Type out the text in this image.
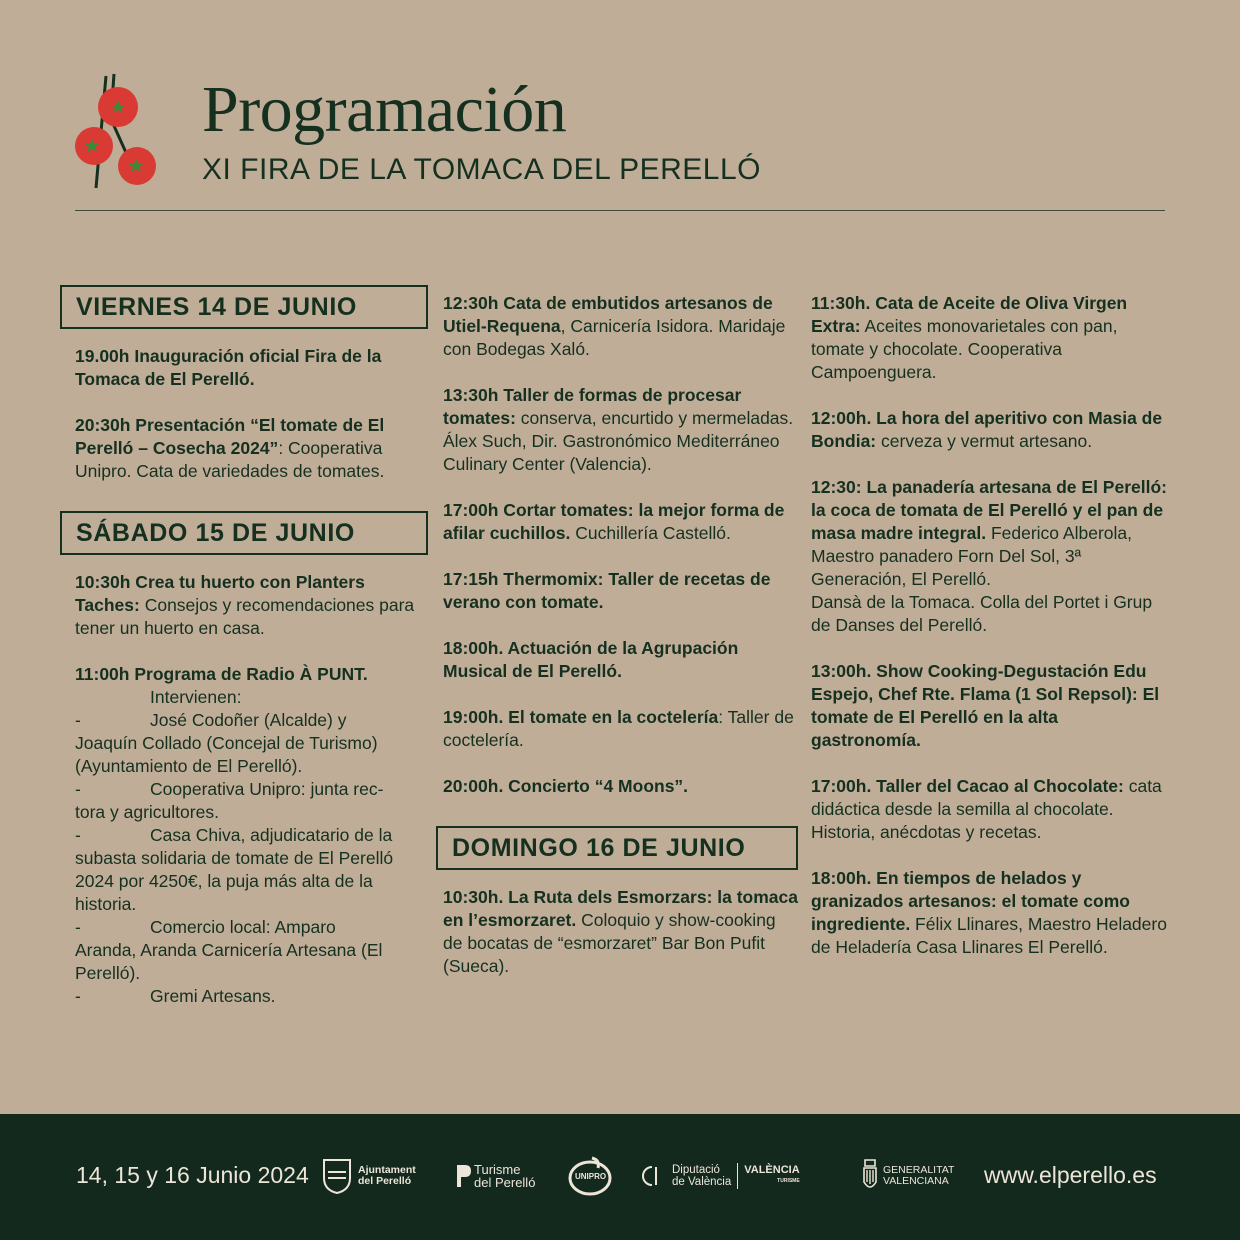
Programación
XI FIRA DE LA TOMACA DEL PERELLÓ
VIERNES 14 DE JUNIO
19.00h Inauguración oficial Fira de la Tomaca de El Perelló.
20:30h Presentación “El tomate de El Perelló – Cosecha 2024”: Cooperativa Unipro. Cata de variedades de tomates.
SÁBADO 15 DE JUNIO
10:30h Crea tu huerto con Planters Taches: Consejos y recomendaciones para tener un huerto en casa.
11:00h Programa de Radio À PUNT.
Intervienen:
-	José Codoñer (Alcalde) y
Joaquín Collado (Concejal de Turismo) (Ayuntamiento de El Perelló).
-	Cooperativa Unipro: junta rec-
tora y agricultores.
-	Casa Chiva, adjudicatario de la
subasta solidaria de tomate de El Perelló 2024 por 4250€, la puja más alta de la historia.
-	Comercio local: Amparo
Aranda, Aranda Carnicería Artesana (El Perelló).
-	Gremi Artesans.
12:30h Cata de embutidos artesanos de Utiel-Requena, Carnicería Isidora. Maridaje con Bodegas Xaló.
13:30h Taller de formas de procesar tomates: conserva, encurtido y mermeladas. Álex Such, Dir. Gastronómico Mediterráneo Culinary Center (Valencia).
17:00h Cortar tomates: la mejor forma de afilar cuchillos. Cuchillería Castelló.
17:15h Thermomix: Taller de recetas de verano con tomate.
18:00h. Actuación de la Agrupación Musical de El Perelló.
19:00h. El tomate en la coctelería: Taller de coctelería.
20:00h. Concierto “4 Moons”.
DOMINGO 16 DE JUNIO
10:30h. La Ruta dels Esmorzars: la tomaca en l’esmorzaret. Coloquio y show-cooking de bocatas de “esmorzaret” Bar Bon Pufit (Sueca).
11:30h. Cata de Aceite de Oliva Virgen Extra: Aceites monovarietales con pan, tomate y chocolate. Cooperativa Campoenguera.
12:00h. La hora del aperitivo con Masia de Bondia: cerveza y vermut artesano.
12:30: La panadería artesana de El Perelló: la coca de tomata de El Perelló y el pan de masa madre integral. Federico Alberola, Maestro panadero Forn Del Sol, 3ª Generación, El Perelló.
Dansà de la Tomaca. Colla del Portet i Grup de Danses del Perelló.
13:00h. Show Cooking-Degustación Edu Espejo, Chef Rte. Flama (1 Sol Repsol): El tomate de El Perelló en la alta gastronomía.
17:00h. Taller del Cacao al Chocolate: cata didáctica desde la semilla al chocolate. Historia, anécdotas y recetas.
18:00h. En tiempos de helados y granizados artesanos: el tomate como ingrediente. Félix Llinares, Maestro Heladero de Heladería Casa Llinares El Perelló.
14, 15 y 16 Junio 2024	Ajuntament
del Perelló
Turisme
del Perelló	UNIPRO
Diputació
de València
VALÈNCIA
TURISME
GENERALITAT
VALENCIANA www.elperello.es
